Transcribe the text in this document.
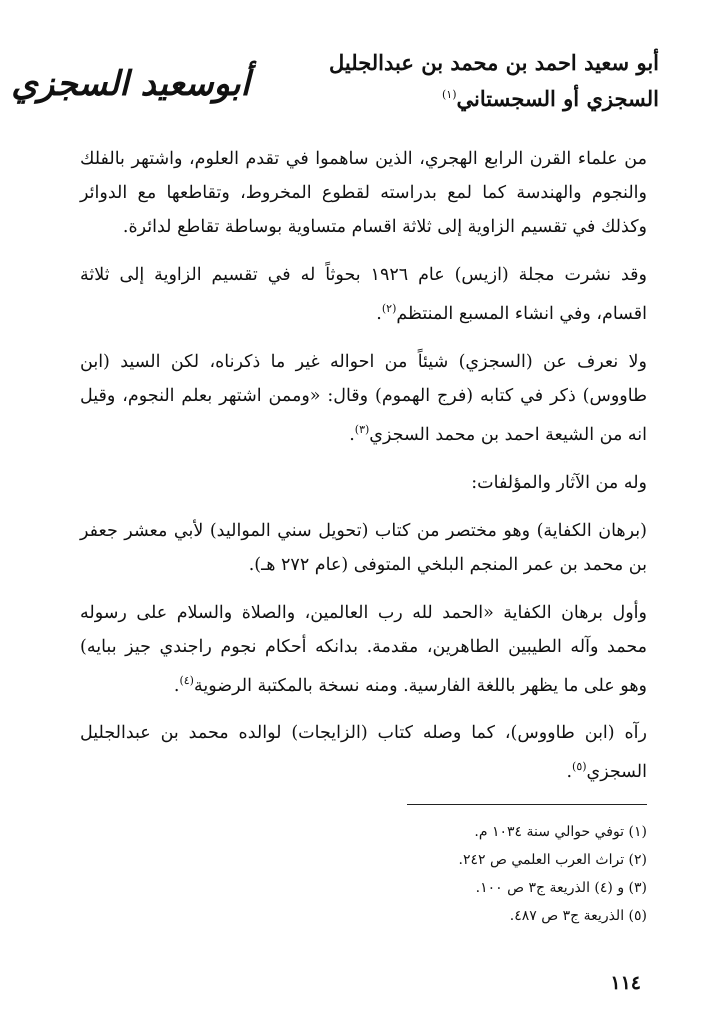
أبو سعيد احمد بن محمد بن عبدالجليل
السجزي أو السجستاني$^{(١)}$
أبوسعيد السجزي

من علماء القرن الرابع الهجري، الذين ساهموا في تقدم العلوم، واشتهر بالفلك والنجوم والهندسة كما لمع بدراسته لقطوع المخروط، وتقاطعها مع الدوائر وكذلك في تقسيم الزاوية إلى ثلاثة اقسام متساوية بوساطة تقاطع لدائرة.

وقد نشرت مجلة (ازيس) عام ١٩٢٦ بحوثاً له في تقسيم الزاوية إلى ثلاثة اقسام، وفي انشاء المسبع المنتظم$^{(٢)}$.

ولا نعرف عن (السجزي) شيئاً من احواله غير ما ذكرناه، لكن السيد (ابن طاووس) ذكر في كتابه (فرج الهموم) وقال: «وممن اشتهر بعلم النجوم، وقيل انه من الشيعة احمد بن محمد السجزي$^{(٣)}$.

وله من الآثار والمؤلفات:

(برهان الكفاية) وهو مختصر من كتاب (تحويل سني المواليد) لأبي معشر جعفر بن محمد بن عمر المنجم البلخي المتوفى (عام ٢٧٢ هـ).

وأول برهان الكفاية «الحمد لله رب العالمين، والصلاة والسلام على رسوله محمد وآله الطيبين الطاهرين، مقدمة. بدانكه أحكام نجوم راجندي جيز ببايه) وهو على ما يظهر باللغة الفارسية. ومنه نسخة بالمكتبة الرضوية$^{(٤)}$.

رآه (ابن طاووس)، كما وصله كتاب (الزايجات) لوالده محمد بن عبدالجليل السجزي$^{(٥)}$.

(١) توفي حوالي سنة ١٠٣٤ م.
(٢) تراث العرب العلمي ص ٢٤٢.
(٣) و (٤) الذريعة ج٣ ص ١٠٠.
(٥) الذريعة ج٣ ص ٤٨٧.
١١٤
